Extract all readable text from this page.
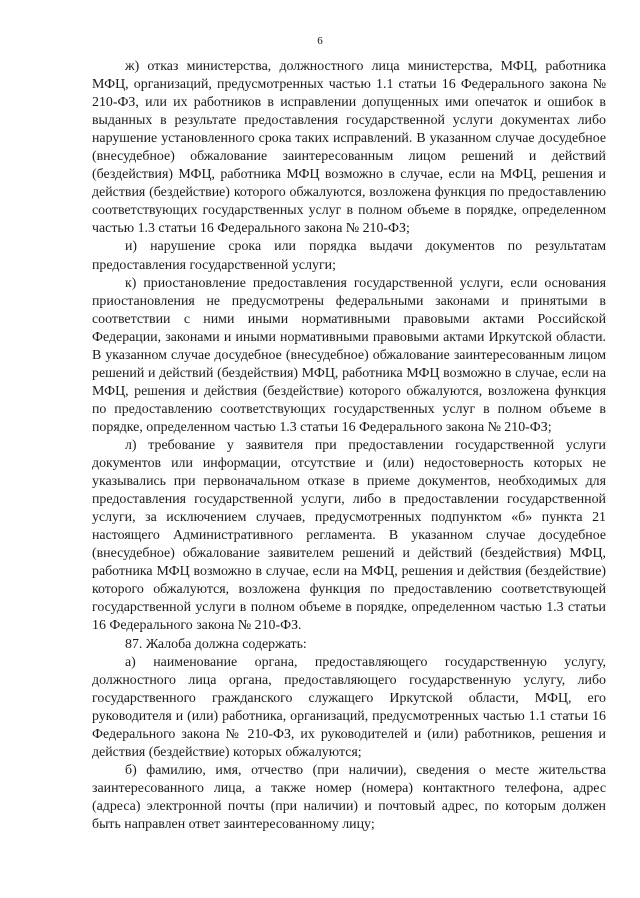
6

ж) отказ министерства, должностного лица министерства, МФЦ, работника МФЦ, организаций, предусмотренных частью 1.1 статьи 16 Федерального закона № 210-ФЗ, или их работников в исправлении допущенных ими опечаток и ошибок в выданных в результате предоставления государственной услуги документах либо нарушение установленного срока таких исправлений. В указанном случае досудебное (внесудебное) обжалование заинтересованным лицом решений и действий (бездействия) МФЦ, работника МФЦ возможно в случае, если на МФЦ, решения и действия (бездействие) которого обжалуются, возложена функция по предоставлению соответствующих государственных услуг в полном объеме в порядке, определенном частью 1.3 статьи 16 Федерального закона № 210-ФЗ;

и) нарушение срока или порядка выдачи документов по результатам предоставления государственной услуги;

к) приостановление предоставления государственной услуги, если основания приостановления не предусмотрены федеральными законами и принятыми в соответствии с ними иными нормативными правовыми актами Российской Федерации, законами и иными нормативными правовыми актами Иркутской области. В указанном случае досудебное (внесудебное) обжалование заинтересованным лицом решений и действий (бездействия) МФЦ, работника МФЦ возможно в случае, если на МФЦ, решения и действия (бездействие) которого обжалуются, возложена функция по предоставлению соответствующих государственных услуг в полном объеме в порядке, определенном частью 1.3 статьи 16 Федерального закона № 210-ФЗ;

л) требование у заявителя при предоставлении государственной услуги документов или информации, отсутствие и (или) недостоверность которых не указывались при первоначальном отказе в приеме документов, необходимых для предоставления государственной услуги, либо в предоставлении государственной услуги, за исключением случаев, предусмотренных подпунктом «б» пункта 21 настоящего Административного регламента. В указанном случае досудебное (внесудебное) обжалование заявителем решений и действий (бездействия) МФЦ, работника МФЦ возможно в случае, если на МФЦ, решения и действия (бездействие) которого обжалуются, возложена функция по предоставлению соответствующей государственной услуги в полном объеме в порядке, определенном частью 1.3 статьи 16 Федерального закона № 210-ФЗ.

87. Жалоба должна содержать:

а) наименование органа, предоставляющего государственную услугу, должностного лица органа, предоставляющего государственную услугу, либо государственного гражданского служащего Иркутской области, МФЦ, его руководителя и (или) работника, организаций, предусмотренных частью 1.1 статьи 16 Федерального закона № 210-ФЗ, их руководителей и (или) работников, решения и действия (бездействие) которых обжалуются;

б) фамилию, имя, отчество (при наличии), сведения о месте жительства заинтересованного лица, а также номер (номера) контактного телефона, адрес (адреса) электронной почты (при наличии) и почтовый адрес, по которым должен быть направлен ответ заинтересованному лицу;
